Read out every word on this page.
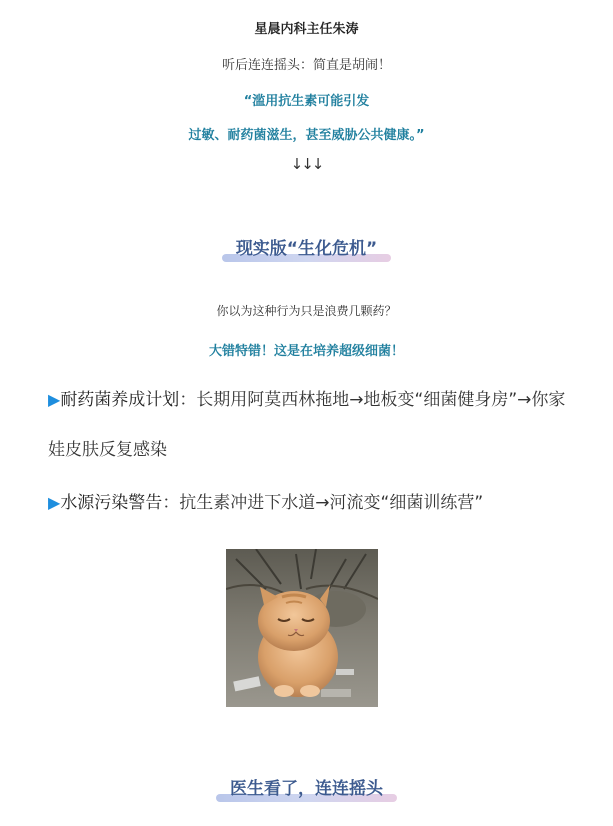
星晨内科主任朱涛
听后连连摇头：简直是胡闹！
“滥用抗生素可能引发
过敏、耐药菌滋生，甚至威胁公共健康。”
↓↓↓
现实版“生化危机”
你以为这种行为只是浪费几颗药？
大错特错！这是在培养超级细菌！
▶耐药菌养成计划：长期用阿莫西林拖地→地板变“细菌健身房”→你家娃皮肤反复感染
▶水源污染警告：抗生素冲进下水道→河流变“细菌训练营”
医生看了，连连摇头
